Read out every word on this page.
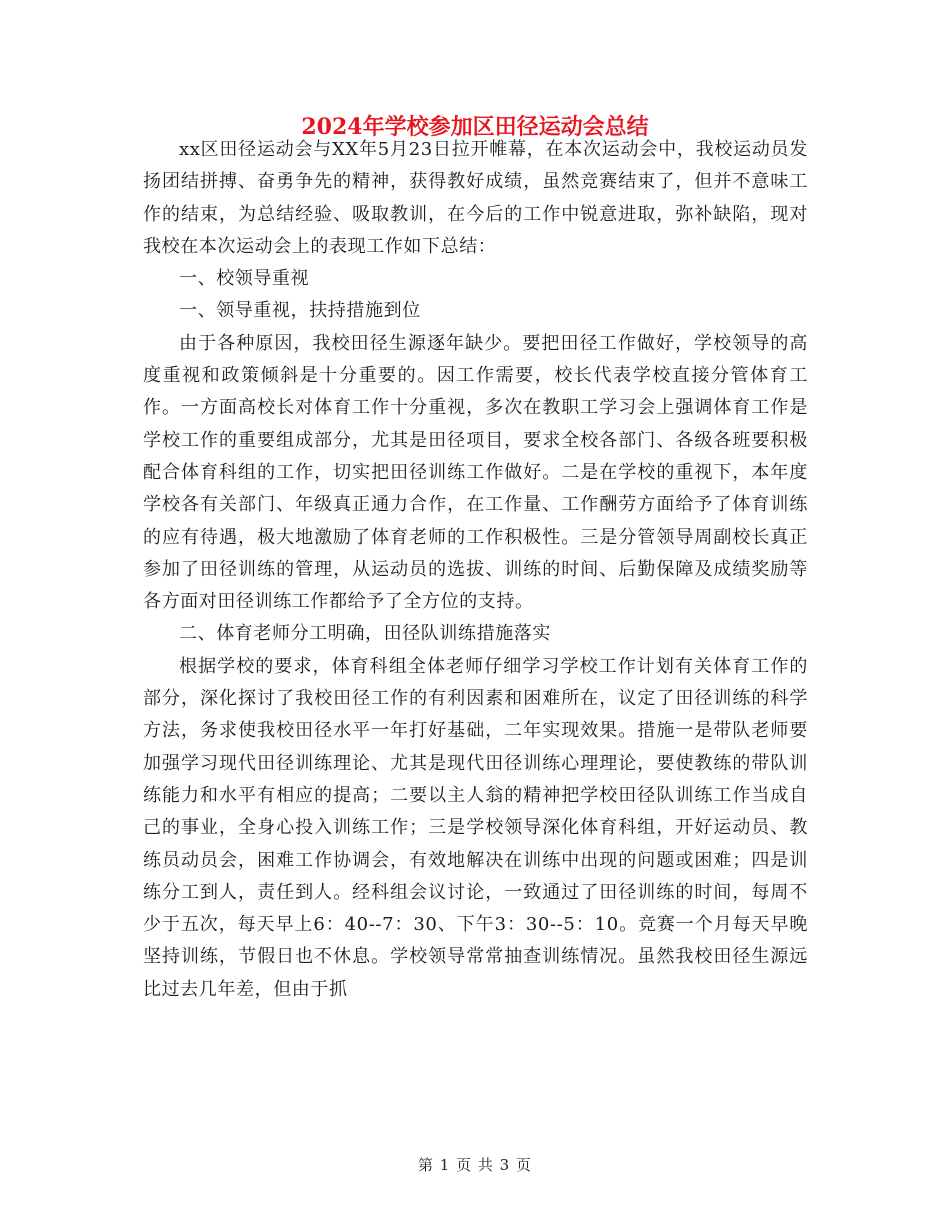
2024年学校参加区田径运动会总结

xx区田径运动会与XX年5月23日拉开帷幕，在本次运动会中，我校运动员发扬团结拼搏、奋勇争先的精神，获得教好成绩，虽然竞赛结束了，但并不意味工作的结束，为总结经验、吸取教训，在今后的工作中锐意进取，弥补缺陷，现对我校在本次运动会上的表现工作如下总结：

一、校领导重视

一、领导重视，扶持措施到位

由于各种原因，我校田径生源逐年缺少。要把田径工作做好，学校领导的高度重视和政策倾斜是十分重要的。因工作需要，校长代表学校直接分管体育工作。一方面高校长对体育工作十分重视，多次在教职工学习会上强调体育工作是学校工作的重要组成部分，尤其是田径项目，要求全校各部门、各级各班要积极配合体育科组的工作，切实把田径训练工作做好。二是在学校的重视下，本年度学校各有关部门、年级真正通力合作，在工作量、工作酬劳方面给予了体育训练的应有待遇，极大地激励了体育老师的工作积极性。三是分管领导周副校长真正参加了田径训练的管理，从运动员的选拔、训练的时间、后勤保障及成绩奖励等各方面对田径训练工作都给予了全方位的支持。

二、体育老师分工明确，田径队训练措施落实

根据学校的要求，体育科组全体老师仔细学习学校工作计划有关体育工作的部分，深化探讨了我校田径工作的有利因素和困难所在，议定了田径训练的科学方法，务求使我校田径水平一年打好基础，二年实现效果。措施一是带队老师要加强学习现代田径训练理论、尤其是现代田径训练心理理论，要使教练的带队训练能力和水平有相应的提高；二要以主人翁的精神把学校田径队训练工作当成自己的事业，全身心投入训练工作；三是学校领导深化体育科组，开好运动员、教练员动员会，困难工作协调会，有效地解决在训练中出现的问题或困难；四是训练分工到人，责任到人。经科组会议讨论，一致通过了田径训练的时间，每周不少于五次，每天早上6：40--7：30、下午3：30--5：10。竞赛一个月每天早晚坚持训练，节假日也不休息。学校领导常常抽查训练情况。虽然我校田径生源远比过去几年差，但由于抓

第 1 页 共 3 页
